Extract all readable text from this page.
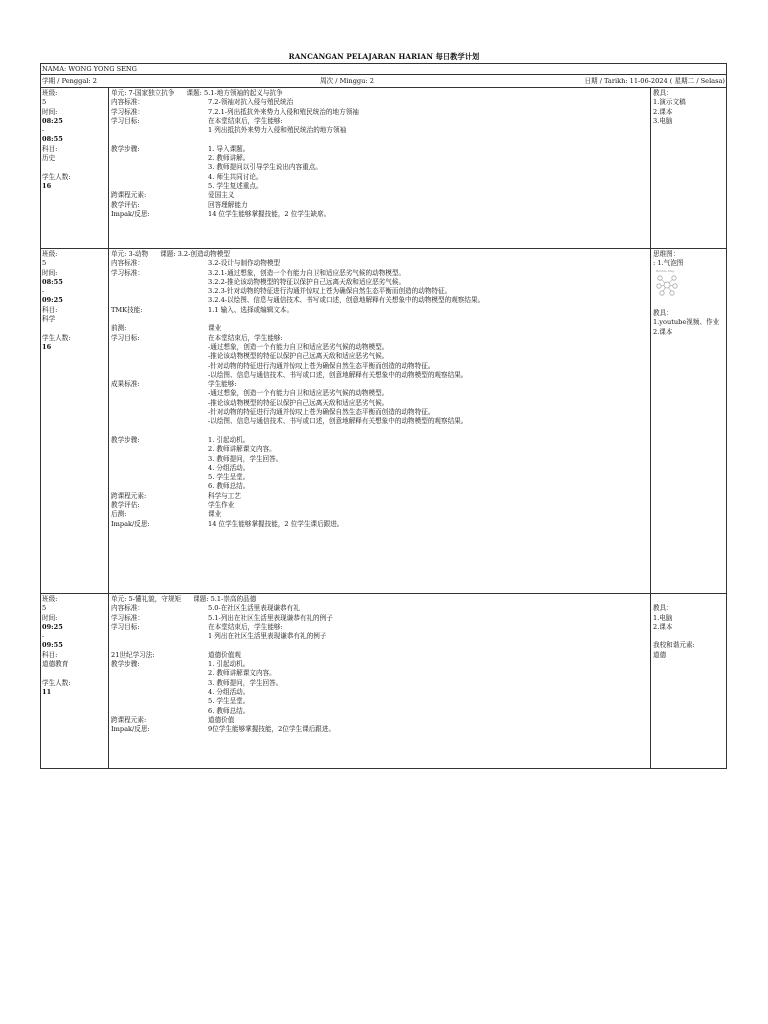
RANCANGAN PELAJARAN HARIAN 每日教学计划
NAMA: WONG YONG SENG
学期 / Penggal: 2	周次 / Minggu: 2	日期 / Tarikh: 11-06-2024 ( 星期二 / Selasa)
班级:
5
时间:
08:25
-
08:55
科目:
历史
学生人数:
16
单元: 7-国家独立抗争 课题: 5.1-地方领袖的起义与抗争
内容标准：	7.2-领袖对抗入侵与殖民统治
学习标准：	7.2.1-列出抵抗外来势力入侵和殖民统治的地方领袖
学习目标:	在本堂结束后，学生能够:
1 列出抵抗外来势力入侵和殖民统治的地方领袖
教学步骤:	1. 导入课题。
2. 教师讲解。
3. 教师提问以引导学生说出内容重点。
4. 师生共同讨论。
5. 学生复述重点。
跨课程元素:	爱国主义
教学评估:	回答理解能力
Impak/反思:	14 位学生能够掌握技能，2 位学生缺席。
教具：
1.演示文稿
2.课本
3.电脑
班级:
5
时间:
08:55
-
09:25
科目:
科学
学生人数:
16
单元: 3-动物 课题: 3.2-创造动物模型
内容标准：	3.2-设计与制作动物模型
学习标准：	3.2.1-通过想象，创造一个有能力自卫和适应恶劣气候的动物模型。
3.2.2-推论该动物模型的特征以保护自己远离天敌和适应恶劣气候。
3.2.3-针对动物的特征进行沟通并惊叹上苍为确保自然生态平衡而创造的动物特征。
3.2.4-以绘图、信息与通信技术、书写或口述，创意地解释有关想象中的动物模型的观察结果。
TMK技能:	1.1 输入、选择或编辑文本。
前测:	课业
学习目标:	在本堂结束后，学生能够:
-通过想象，创造一个有能力自卫和适应恶劣气候的动物模型。
-推论该动物模型的特征以保护自己远离天敌和适应恶劣气候。
-针对动物的特征进行沟通并惊叹上苍为确保自然生态平衡而创造的动物特征。
-以绘图、信息与通信技术、书写或口述，创意地解释有关想象中的动物模型的观察结果。
成果标准:	学生能够:
-通过想象，创造一个有能力自卫和适应恶劣气候的动物模型。
-推论该动物模型的特征以保护自己远离天敌和适应恶劣气候。
-针对动物的特征进行沟通并惊叹上苍为确保自然生态平衡而创造的动物特征。
-以绘图、信息与通信技术、书写或口述，创意地解释有关想象中的动物模型的观察结果。
教学步骤:	1. 引起动机。
2. 教师讲解课文内容。
3. 教师提问，学生回答。
4. 分组活动。
5. 学生呈堂。
6. 教师总结。
跨课程元素:	科学与工艺
教学评估:	学生作业
后测:	课业
Impak/反思:	14 位学生能够掌握技能，2 位学生课后跟进。
思维图：
: 1.气泡图
Bubble Map
教具：
1.youtube视频、作业
2.课本
班级:
5
时间:
09:25
-
09:55
科目:
道德教育
学生人数:
11
单元: 5-懂礼貌，守规矩 课题: 5.1-崇高的品德
内容标准：	5.0-在社区生活里表现谦恭有礼
学习标准：	5.1-列出在社区生活里表现谦恭有礼的例子
学习目标:	在本堂结束后，学生能够:
1 列出在社区生活里表现谦恭有礼的例子
21世纪学习法:	道德价值观
教学步骤:	1. 引起动机。
2. 教师讲解课文内容。
3. 教师提问，学生回答。
4. 分组活动。
5. 学生呈堂。
6. 教师总结。
跨课程元素:	道德价值
Impak/反思:	9位学生能够掌握技能，2位学生课后跟进。
教具：
1.电脑
2.课本
我校和谐元素:
道德
